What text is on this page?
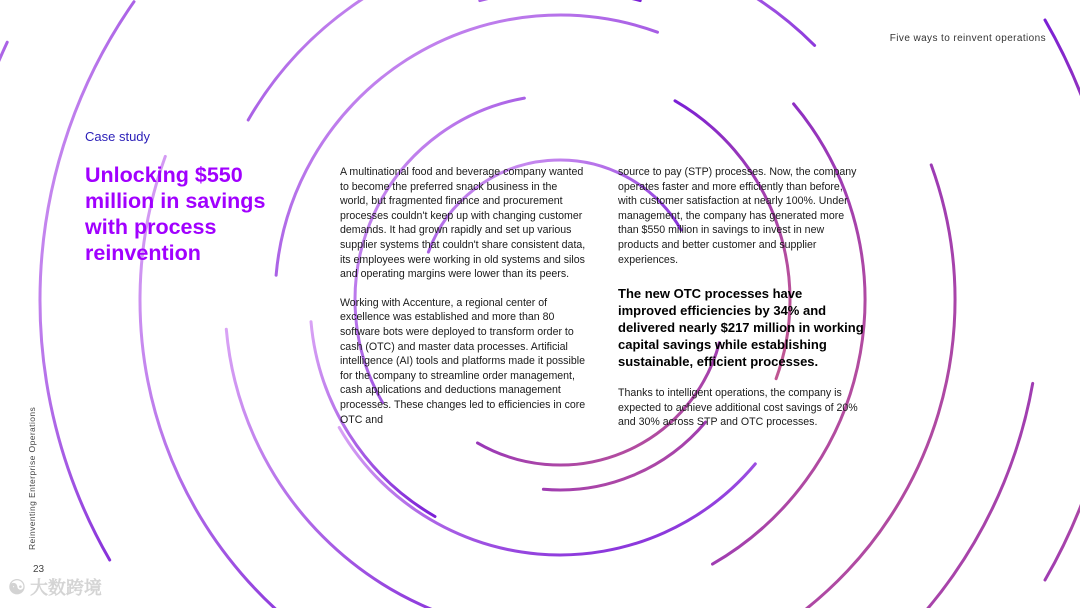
Five ways to reinvent operations
Case study
Unlocking $550 million in savings with process reinvention

A multinational food and beverage company wanted to become the preferred snack business in the world, but fragmented finance and procurement processes couldn't keep up with changing customer demands. It had grown rapidly and set up various supplier systems that couldn't share consistent data, its employees were working in old systems and silos and operating margins were lower than its peers.

Working with Accenture, a regional center of excellence was established and more than 80 software bots were deployed to transform order to cash (OTC) and master data processes. Artificial intelligence (AI) tools and platforms made it possible for the company to streamline order management, cash applications and deductions management processes. These changes led to efficiencies in core OTC and

source to pay (STP) processes. Now, the company operates faster and more efficiently than before, with customer satisfaction at nearly 100%. Under management, the company has generated more than $550 million in savings to invest in new products and better customer and supplier experiences.

The new OTC processes have improved efficiencies by 34% and delivered nearly $217 million in working capital savings while establishing sustainable, efficient processes.

Thanks to intelligent operations, the company is expected to achieve additional cost savings of 20% and 30% across STP and OTC processes.

Reinventing Enterprise Operations
23
☯ 大数跨境
